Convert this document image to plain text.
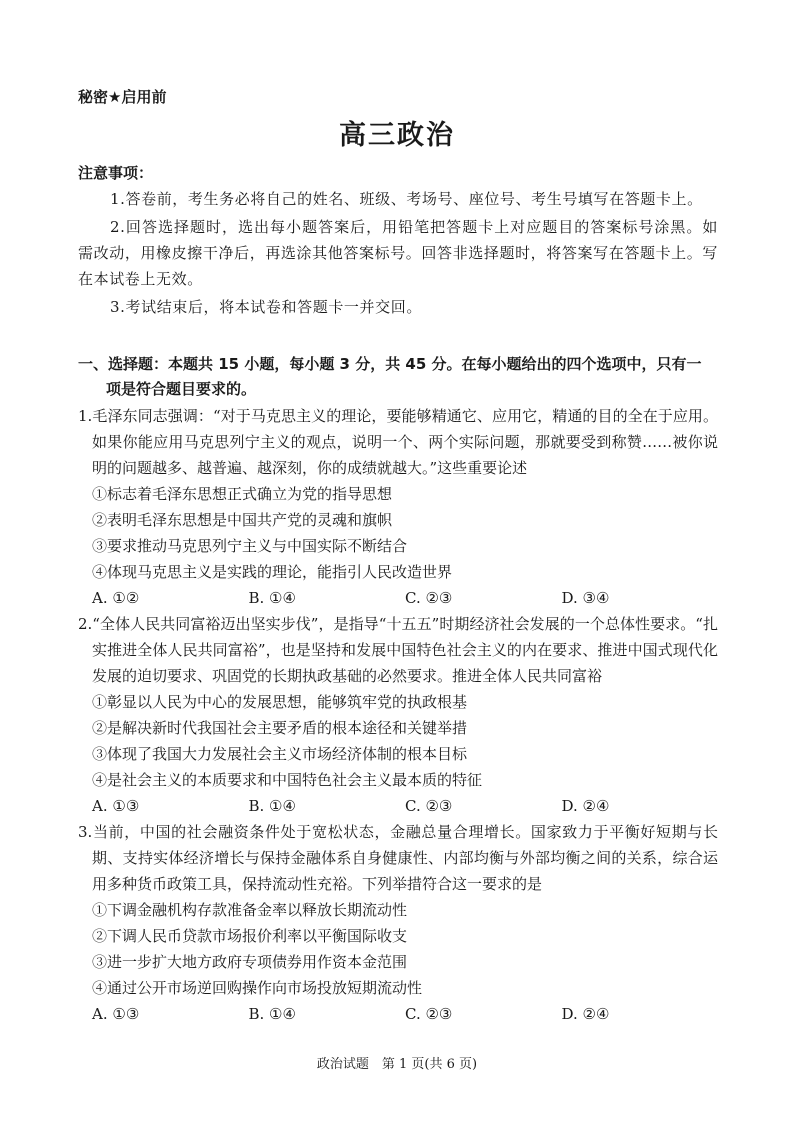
秘密★启用前
高三政治
注意事项：

1.答卷前，考生务必将自己的姓名、班级、考场号、座位号、考生号填写在答题卡上。

2.回答选择题时，选出每小题答案后，用铅笔把答题卡上对应题目的答案标号涂黑。如需改动，用橡皮擦干净后，再选涂其他答案标号。回答非选择题时，将答案写在答题卡上。写在本试卷上无效。

3.考试结束后，将本试卷和答题卡一并交回。

一、选择题：本题共 15 小题，每小题 3 分，共 45 分。在每小题给出的四个选项中，只有一
项是符合题目要求的。

1.毛泽东同志强调：“对于马克思主义的理论，要能够精通它、应用它，精通的目的全在于应用。如果你能应用马克思列宁主义的观点，说明一个、两个实际问题，那就要受到称赞……被你说明的问题越多、越普遍、越深刻，你的成绩就越大。”这些重要论述

①标志着毛泽东思想正式确立为党的指导思想

②表明毛泽东思想是中国共产党的灵魂和旗帜

③要求推动马克思列宁主义与中国实际不断结合

④体现马克思主义是实践的理论，能指引人民改造世界

A. ①②	B. ①④	C. ②③	D. ③④

2.“全体人民共同富裕迈出坚实步伐”，是指导“十五五”时期经济社会发展的一个总体性要求。“扎实推进全体人民共同富裕”，也是坚持和发展中国特色社会主义的内在要求、推进中国式现代化发展的迫切要求、巩固党的长期执政基础的必然要求。推进全体人民共同富裕

①彰显以人民为中心的发展思想，能够筑牢党的执政根基

②是解决新时代我国社会主要矛盾的根本途径和关键举措

③体现了我国大力发展社会主义市场经济体制的根本目标

④是社会主义的本质要求和中国特色社会主义最本质的特征

A. ①③	B. ①④	C. ②③	D. ②④

3.当前，中国的社会融资条件处于宽松状态，金融总量合理增长。国家致力于平衡好短期与长期、支持实体经济增长与保持金融体系自身健康性、内部均衡与外部均衡之间的关系，综合运用多种货币政策工具，保持流动性充裕。下列举措符合这一要求的是

①下调金融机构存款准备金率以释放长期流动性

②下调人民币贷款市场报价利率以平衡国际收支

③进一步扩大地方政府专项债券用作资本金范围

④通过公开市场逆回购操作向市场投放短期流动性

A. ①③	B. ①④	C. ②③	D. ②④
政治试题　第 1 页(共 6 页)
